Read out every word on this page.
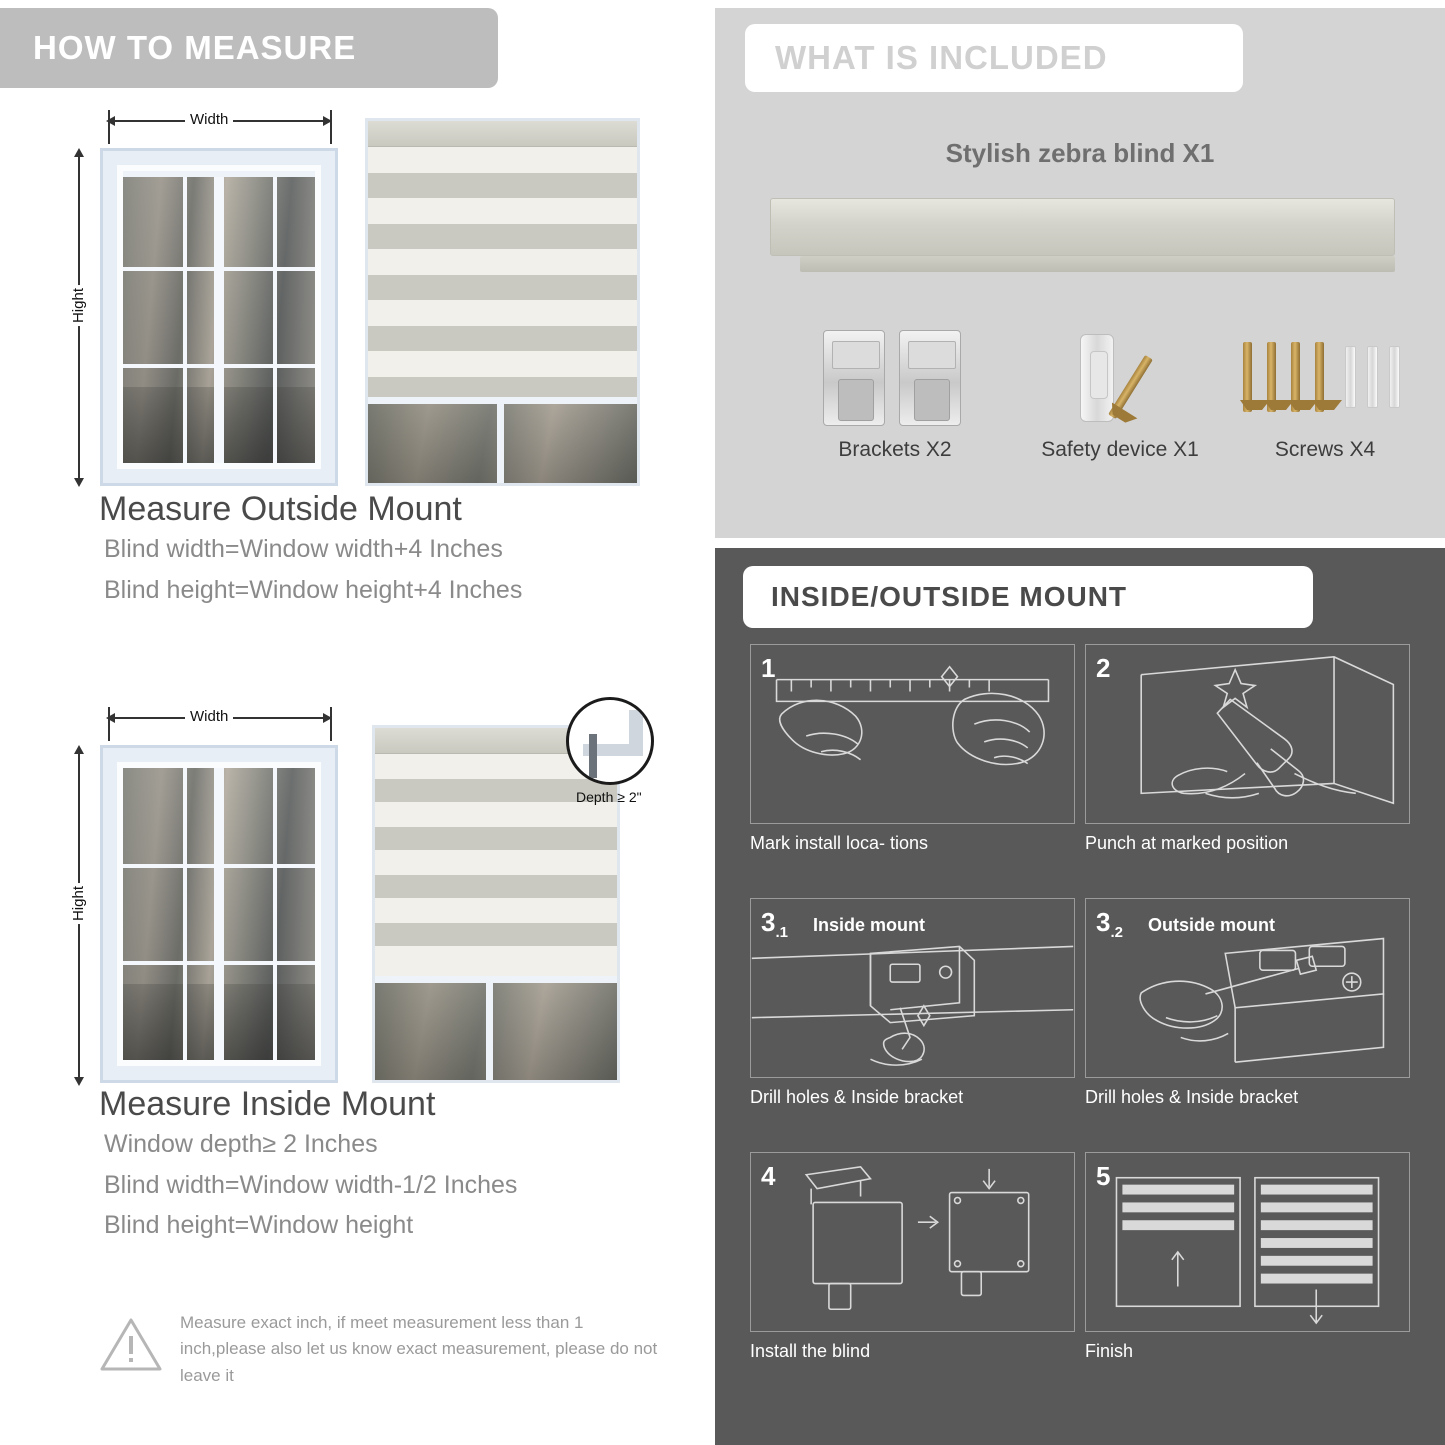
HOW TO MEASURE
Width
Hight
Measure Outside Mount

Blind width=Window width+4 Inches

Blind height=Window height+4 Inches

Width
Hight
Depth ≥ 2"
Measure Inside Mount

Window depth≥ 2 Inches

Blind width=Window width-1/2 Inches

Blind height=Window height

Measure exact inch, if meet measurement less than 1 inch,please also let us know exact measurement, please do not leave it
WHAT IS INCLUDED
Stylish zebra blind X1
Brackets X2	Safety device X1	Screws X4
INSIDE/OUTSIDE MOUNT
1
Mark install loca- tions
2
Punch at marked position
$3_{.1}$ Inside mount
Drill holes & Inside bracket
$3_{.2}$ Outside mount
Drill holes & Inside bracket
4
Install the blind
5
Finish
